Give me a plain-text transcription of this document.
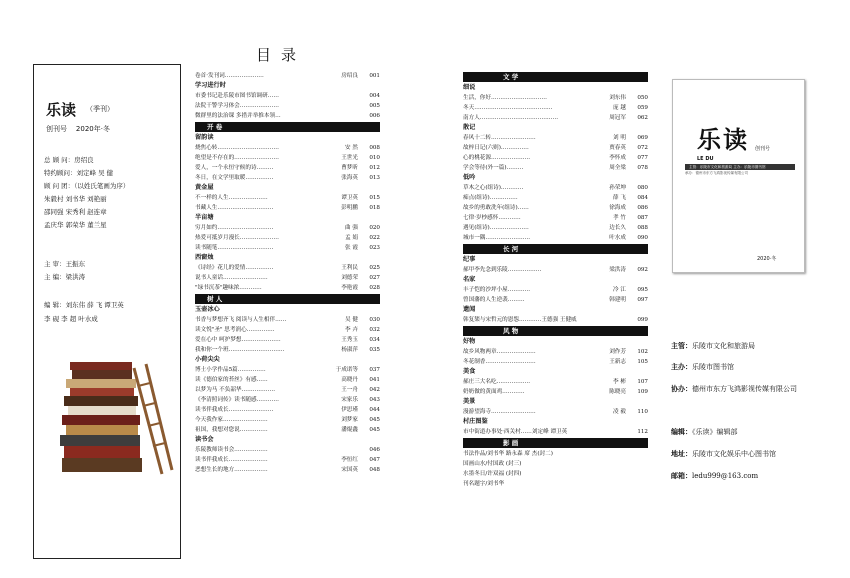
乐读 （季刊）
创刊号 2020年·冬
总 顾 问：房绍良
特约顾问：刘定峰 吴 健
顾 问 团：（以姓氏笔画为序）
朱毅村 刘书华 刘艳丽
邵同强 宋秀利 赵连章
孟庆华 郭荣华 董兰星
主 审：王振东
主 编：梁洪涛
编 辑：刘东伟 薛 飞 谭卫英
李 砚 李 超 叶水成
目录
卷首·发刊词…………………	房绍良 001
学习进行时
市委书记赴乐陵市图书馆调研……	004
法院干警学习体会…………………	005
微群里的法治课 多措并举推本领…	006
开 卷
留韵读
烧焦心转……………………………	安 然 008
绝望是不存在的……………………	王世光 010
爱人，一个永恒守候的诗………	曹梦昕 012
冬日，在文学里取暖……………	张海英 013
黄金屋
不一样的人生…………………	谭卫英 015
书藏人生…………………………	彭明鹏 018
半亩塘
穷月如约…………………………	曲 强 020
热爱可抵岁月漫长…………………	孟 娟 022
读书随笔…………………………	张 霞 023
西窗烛
《诗经》花儿的爱情……………	王利民 025
说书人童话……………………	刘德荣 027
"绿书沉茶"趣味浓…………	李艳霞 028
树 人
玉壶冰心
书香与梦想齐飞 阅读与人生相伴……	吴 健 030
读文悦"圣" 思考润心……………	李 卉 032
爱在心中 呵护梦想…………………	王秀玉 034
我和你一个班…………………………	杨淑萍 035
小荷尖尖
博士小学作品5篇……………	于成诺等 037
读《德伯家的苔丝》有感……	高晓丹 041
以梦为马 不负韶华………………	王一舟 042
《李清照词传》读书随感…………	宋家乐 043
读书伴我成长……………………	伊思瑾 044
今天我作家……………………	刘梦家 045
祖国，我想对您说……………	潘焜鑫 045
读书会
乐陵教师读书会………………	046
读书伴我成长…………………	李恒红 047
恶想生长的地方………………	宋国英 048
文 学
细说
生活，你好…………………………	刘东伟 050
冬天……………………………………	庞 越 059
南方人……………………………………	周冠军 062
散记
春风十二转……………………	刘 明 069
故梓日记(六则)……………	贾春英 072
心的桃花源…………………	李怀成 077
学会等待(外一篇)………	周全梁 078
低吟
草木之心(组诗)…………	孙荣坤 080
痴点(组诗)……………	薛 飞 084
故乡的勇敢洗年(组诗)……	徐海成 086
七律·岁杪感怀…………	孝 竹 087
遇见(组诗)…………………	边长久 088
城市一隅……………………	叶水成 090
长 河
纪事
郝甲李先念到乐陵………………	梁洪涛 092
名家
丰子恺的沙坪小屋…………	冷 江 095
曾国藩的人生逆袭………	韩建明 097
遗闻
韩复榘与宋哲元的恩怨…………王德强 王健威	099
风 物
好物
故乡风物两章…………………	刘作芳 102
冬花制香………………………	王新志 105
美食
郝庄三大名吃………………	李 彬 107
奶奶做的黄面鸡…………	陈晓亮 109
美景
漫游望海寺……………………	凌 毅 110
村庄图鉴
市中街道办事处·西关村……刘定峰 谭卫英	112
影 画
书法作品/刘书华 路永森 席 杰(封二)
国画山水/付国政 (封三)
水墨冬日/许双福 (封四)
刊名题字/刘书华
乐读 创刊号
LE DU
主管：乐陵市文化和旅游局 主办：乐陵市图书馆
承办：德州市东方飞鸿影视传媒有限公司
2020·冬
主管：乐陵市文化和旅游局
主办：乐陵市图书馆
协办：德州市东方飞鸿影视传媒有限公司
编辑：《乐读》编辑部
地址：乐陵市文化娱乐中心图书馆
邮箱：ledu999@163.com
